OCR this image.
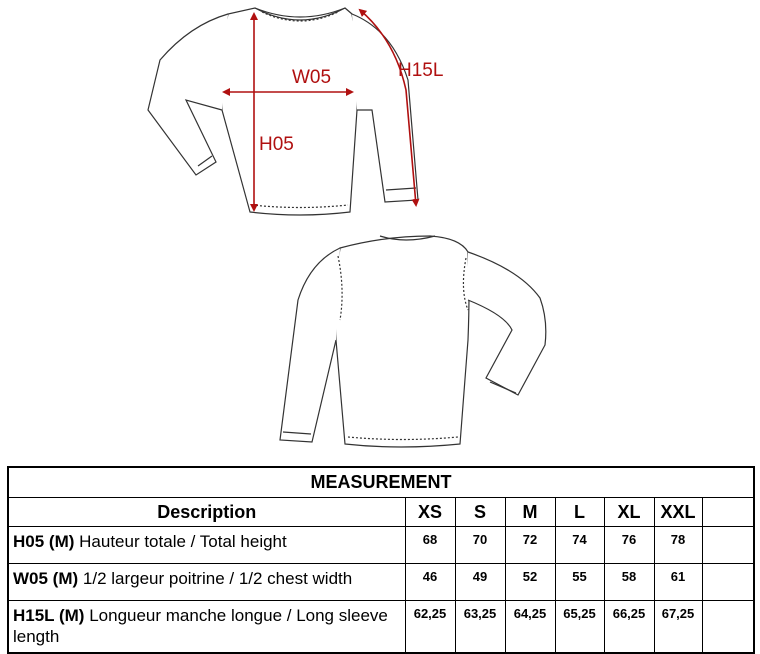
W05
H05
H15L
MEASUREMENT							
Description	XS	S	M	L	XL	XXL	
H05 (M) Hauteur totale / Total height	68	70	72	74	76	78	
W05 (M) 1/2 largeur poitrine / 1/2 chest width	46	49	52	55	58	61	
H15L (M) Longueur manche longue / Long sleeve length	62,25	63,25	64,25	65,25	66,25	67,25	
